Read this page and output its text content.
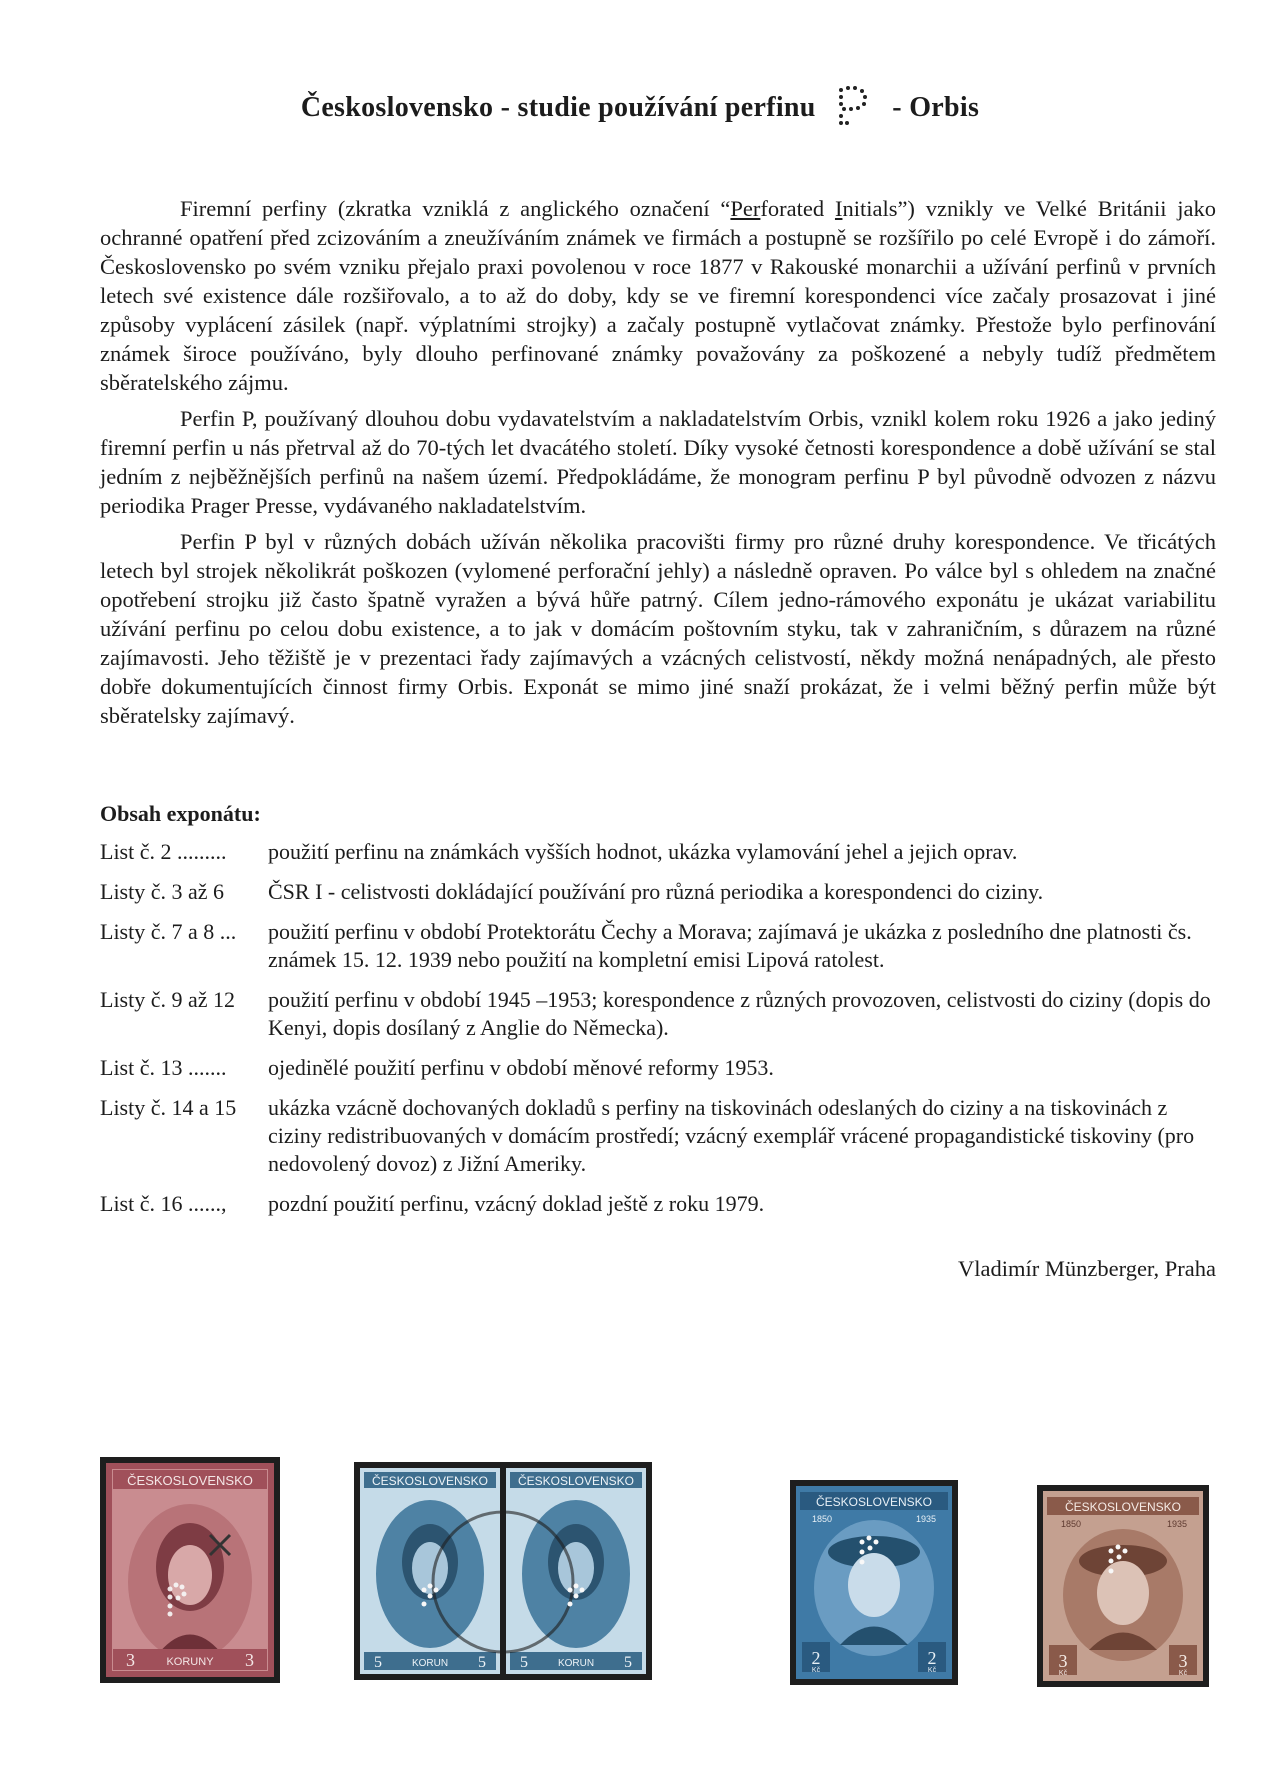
Československo - studie používání perfinu	- Orbis

Firemní perfiny (zkratka vzniklá z anglického označení “Perforated Initials”) vznikly ve Velké Británii jako ochranné opatření před zcizováním a zneužíváním známek ve firmách a postupně se rozšířilo po celé Evropě i do zámoří. Československo po svém vzniku přejalo praxi povolenou v roce 1877 v Rakouské monarchii a užívání perfinů v prvních letech své existence dále rozšiřovalo, a to až do doby, kdy se ve firemní korespondenci více začaly prosazovat i jiné způsoby vyplácení zásilek (např. výplatními strojky) a začaly postupně vytlačovat známky. Přestože bylo perfinování známek široce používáno, byly dlouho perfinované známky považovány za poškozené a nebyly tudíž předmětem sběratelského zájmu.

Perfin P, používaný dlouhou dobu vydavatelstvím a nakladatelstvím Orbis, vznikl kolem roku 1926 a jako jediný firemní perfin u nás přetrval až do 70-tých let dvacátého století. Díky vysoké četnosti korespondence a době užívání se stal jedním z nejběžnějších perfinů na našem území. Předpokládáme, že monogram perfinu P byl původně odvozen z názvu periodika Prager Presse, vydávaného nakladatelstvím.

Perfin P byl v různých dobách užíván několika pracovišti firmy pro různé druhy korespondence. Ve třicátých letech byl strojek několikrát poškozen (vylomené perforační jehly) a následně opraven. Po válce byl s ohledem na značné opotřebení strojku již často špatně vyražen a bývá hůře patrný. Cílem jedno-rámového exponátu je ukázat variabilitu užívání perfinu po celou dobu existence, a to jak v domácím poštovním styku, tak v zahraničním, s důrazem na různé zajímavosti. Jeho těžiště je v prezentaci řady zajímavých a vzácných celistvostí, někdy možná nenápadných, ale přesto dobře dokumentujících činnost firmy Orbis. Exponát se mimo jiné snaží prokázat, že i velmi běžný perfin může být sběratelsky zajímavý.

Obsah exponátu:
List č. 2 .........	použití perfinu na známkách vyšších hodnot, ukázka vylamování jehel a jejich oprav.
Listy č. 3 až 6	ČSR I - celistvosti dokládající používání pro různá periodika a korespondenci do ciziny.
Listy č. 7 a 8 ...	použití perfinu v období Protektorátu Čechy a Morava; zajímavá je ukázka z posledního dne platnosti čs. známek 15. 12. 1939 nebo použití na kompletní emisi Lipová ratolest.
Listy č. 9 až 12	použití perfinu v období 1945 –1953; korespondence z různých provozoven, celistvosti do ciziny (dopis do Kenyi, dopis dosílaný z Anglie do Německa).
List č. 13 .......	ojedinělé použití perfinu v období měnové reformy 1953.
Listy č. 14 a 15	ukázka vzácně dochovaných dokladů s perfiny na tiskovinách odeslaných do ciziny a na tiskovinách z ciziny redistribuovaných v domácím prostředí; vzácný exemplář vrácené propagandistické tiskoviny (pro nedovolený dovoz) z Jižní Ameriky.
List č. 16 ......,	pozdní použití perfinu, vzácný doklad ještě z roku 1979.
Vladimír Münzberger, Praha
ČESKOSLOVENSKO
3	KORUNY 3
ČESKOSLOVENSKO ČESKOSLOVENSKO
5	KORUN 5 5	KORUN 5
ČESKOSLOVENSKO
1850	1935
2	2
Kč	Kč
ČESKOSLOVENSKO
1850	1935
3	3
Kč	Kč
